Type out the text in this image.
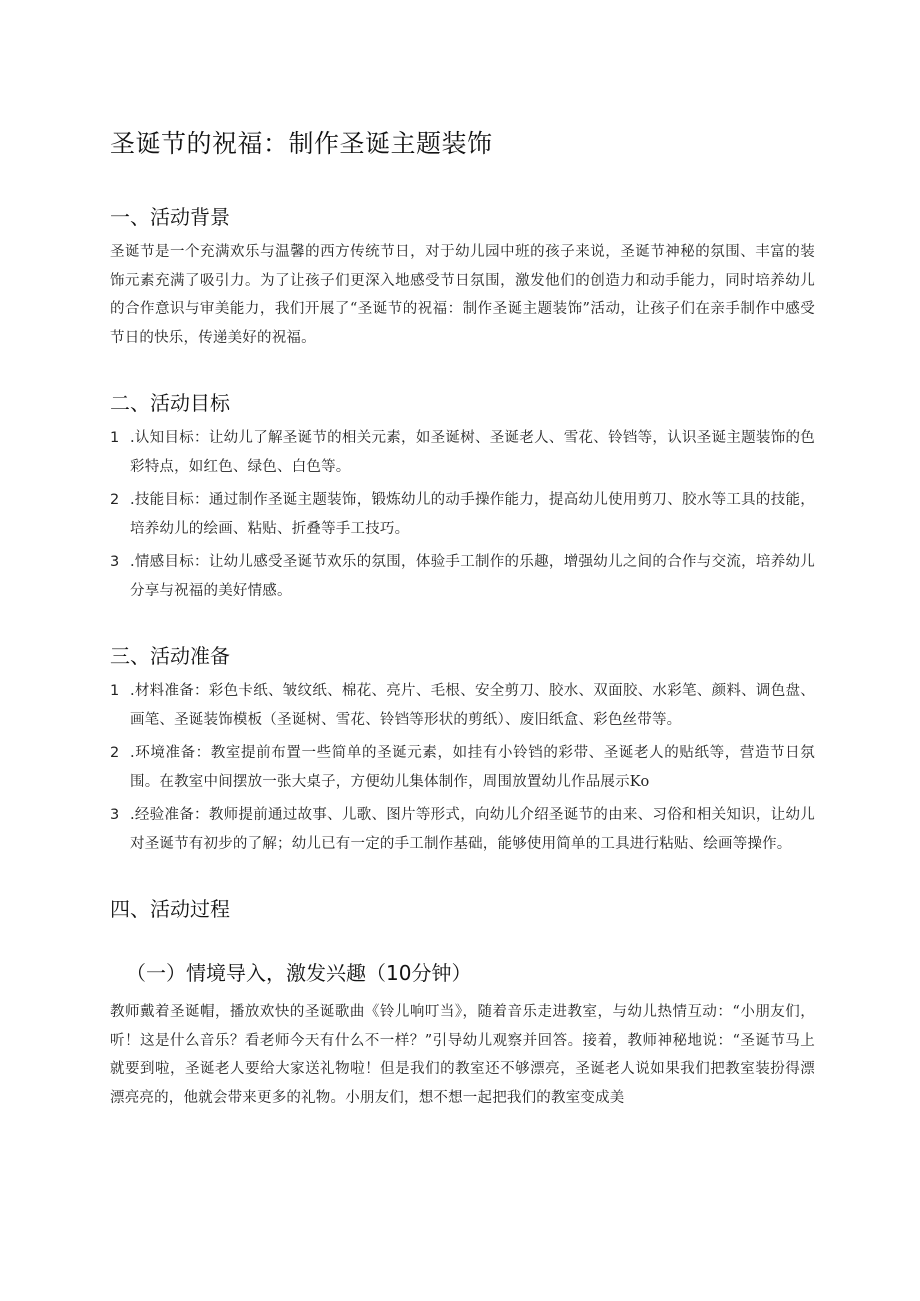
圣诞节的祝福：制作圣诞主题装饰
一、活动背景

圣诞节是一个充满欢乐与温馨的西方传统节日，对于幼儿园中班的孩子来说，圣诞节神秘的氛围、丰富的装饰元素充满了吸引力。为了让孩子们更深入地感受节日氛围，激发他们的创造力和动手能力，同时培养幼儿的合作意识与审美能力，我们开展了“圣诞节的祝福：制作圣诞主题装饰”活动，让孩子们在亲手制作中感受节日的快乐，传递美好的祝福。

二、活动目标
1 .认知目标：让幼儿了解圣诞节的相关元素，如圣诞树、圣诞老人、雪花、铃铛等，认识圣诞主题装饰的色彩特点，如红色、绿色、白色等。
2 .技能目标：通过制作圣诞主题装饰，锻炼幼儿的动手操作能力，提高幼儿使用剪刀、胶水等工具的技能，培养幼儿的绘画、粘贴、折叠等手工技巧。
3 .情感目标：让幼儿感受圣诞节欢乐的氛围，体验手工制作的乐趣，增强幼儿之间的合作与交流，培养幼儿分享与祝福的美好情感。
三、活动准备
1 .材料准备：彩色卡纸、皱纹纸、棉花、亮片、毛根、安全剪刀、胶水、双面胶、水彩笔、颜料、调色盘、画笔、圣诞装饰模板（圣诞树、雪花、铃铛等形状的剪纸）、废旧纸盒、彩色丝带等。
2 .环境准备：教室提前布置一些简单的圣诞元素，如挂有小铃铛的彩带、圣诞老人的贴纸等，营造节日氛围。在教室中间摆放一张大桌子，方便幼儿集体制作，周围放置幼儿作品展示Ko
3 .经验准备：教师提前通过故事、儿歌、图片等形式，向幼儿介绍圣诞节的由来、习俗和相关知识，让幼儿对圣诞节有初步的了解；幼儿已有一定的手工制作基础，能够使用简单的工具进行粘贴、绘画等操作。
四、活动过程
（一）情境导入，激发兴趣（10分钟）

教师戴着圣诞帽，播放欢快的圣诞歌曲《铃儿响叮当》，随着音乐走进教室，与幼儿热情互动：“小朋友们，听！这是什么音乐？看老师今天有什么不一样？”引导幼儿观察并回答。接着，教师神秘地说：“圣诞节马上就要到啦，圣诞老人要给大家送礼物啦！但是我们的教室还不够漂亮，圣诞老人说如果我们把教室装扮得漂漂亮亮的，他就会带来更多的礼物。小朋友们，想不想一起把我们的教室变成美
